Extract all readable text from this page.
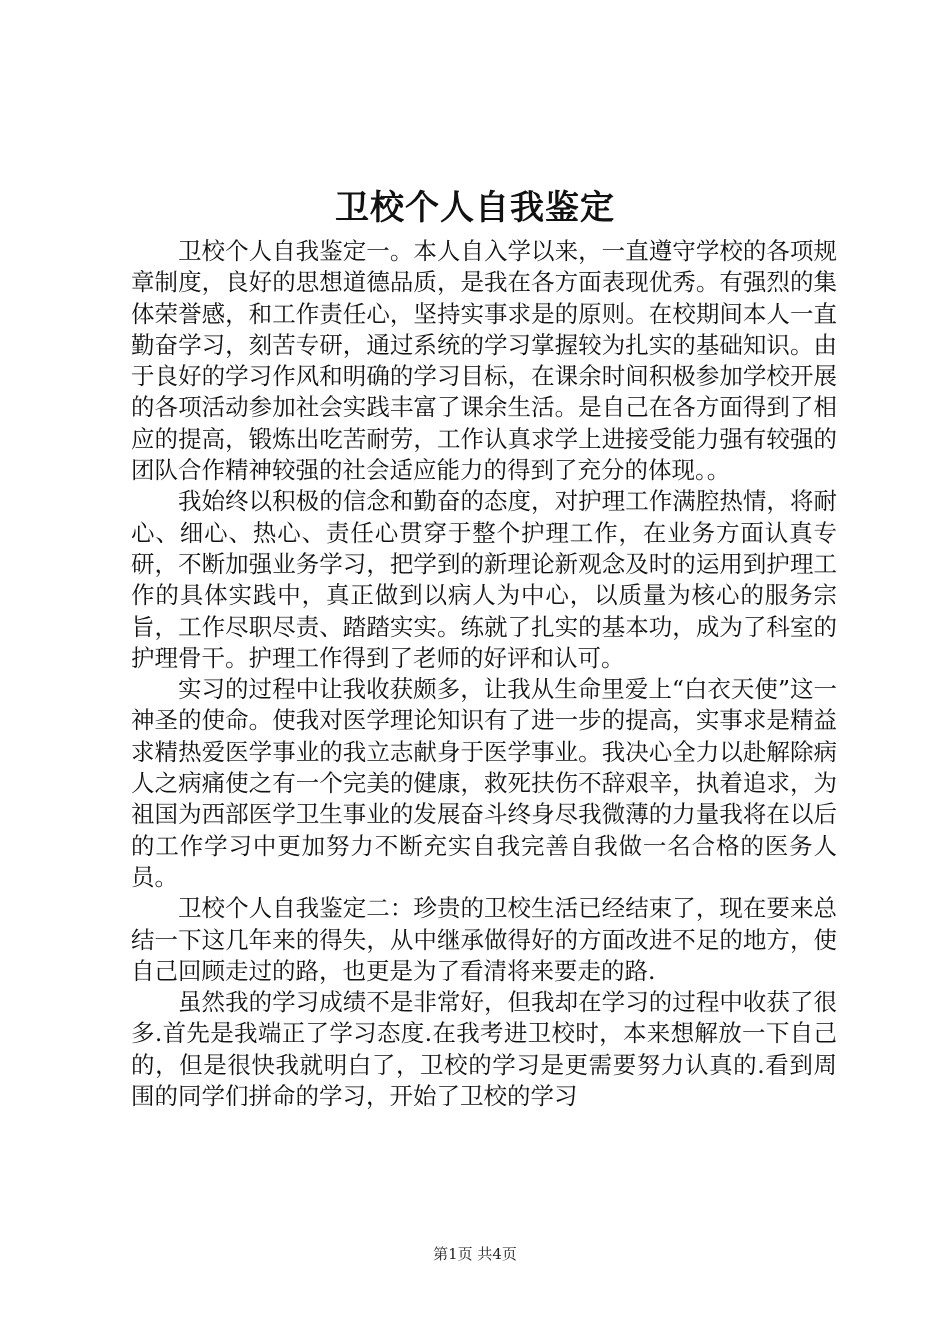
卫校个人自我鉴定

卫校个人自我鉴定一。本人自入学以来，一直遵守学校的各项规章制度，良好的思想道德品质，是我在各方面表现优秀。有强烈的集体荣誉感，和工作责任心，坚持实事求是的原则。在校期间本人一直勤奋学习，刻苦专研，通过系统的学习掌握较为扎实的基础知识。由于良好的学习作风和明确的学习目标，在课余时间积极参加学校开展的各项活动参加社会实践丰富了课余生活。是自己在各方面得到了相应的提高，锻炼出吃苦耐劳，工作认真求学上进接受能力强有较强的团队合作精神较强的社会适应能力的得到了充分的体现。。

我始终以积极的信念和勤奋的态度，对护理工作满腔热情，将耐心、细心、热心、责任心贯穿于整个护理工作，在业务方面认真专研，不断加强业务学习，把学到的新理论新观念及时的运用到护理工作的具体实践中，真正做到以病人为中心，以质量为核心的服务宗旨，工作尽职尽责、踏踏实实。练就了扎实的基本功，成为了科室的护理骨干。护理工作得到了老师的好评和认可。

实习的过程中让我收获颇多，让我从生命里爱上“白衣天使”这一神圣的使命。使我对医学理论知识有了进一步的提高，实事求是精益求精热爱医学事业的我立志献身于医学事业。我决心全力以赴解除病人之病痛使之有一个完美的健康，救死扶伤不辞艰辛，执着追求，为祖国为西部医学卫生事业的发展奋斗终身尽我微薄的力量我将在以后的工作学习中更加努力不断充实自我完善自我做一名合格的医务人员。

卫校个人自我鉴定二：珍贵的卫校生活已经结束了，现在要来总结一下这几年来的得失，从中继承做得好的方面改进不足的地方，使自己回顾走过的路，也更是为了看清将来要走的路.

虽然我的学习成绩不是非常好，但我却在学习的过程中收获了很多.首先是我端正了学习态度.在我考进卫校时，本来想解放一下自己的，但是很快我就明白了，卫校的学习是更需要努力认真的.看到周围的同学们拼命的学习，开始了卫校的学习

第1页 共4页
